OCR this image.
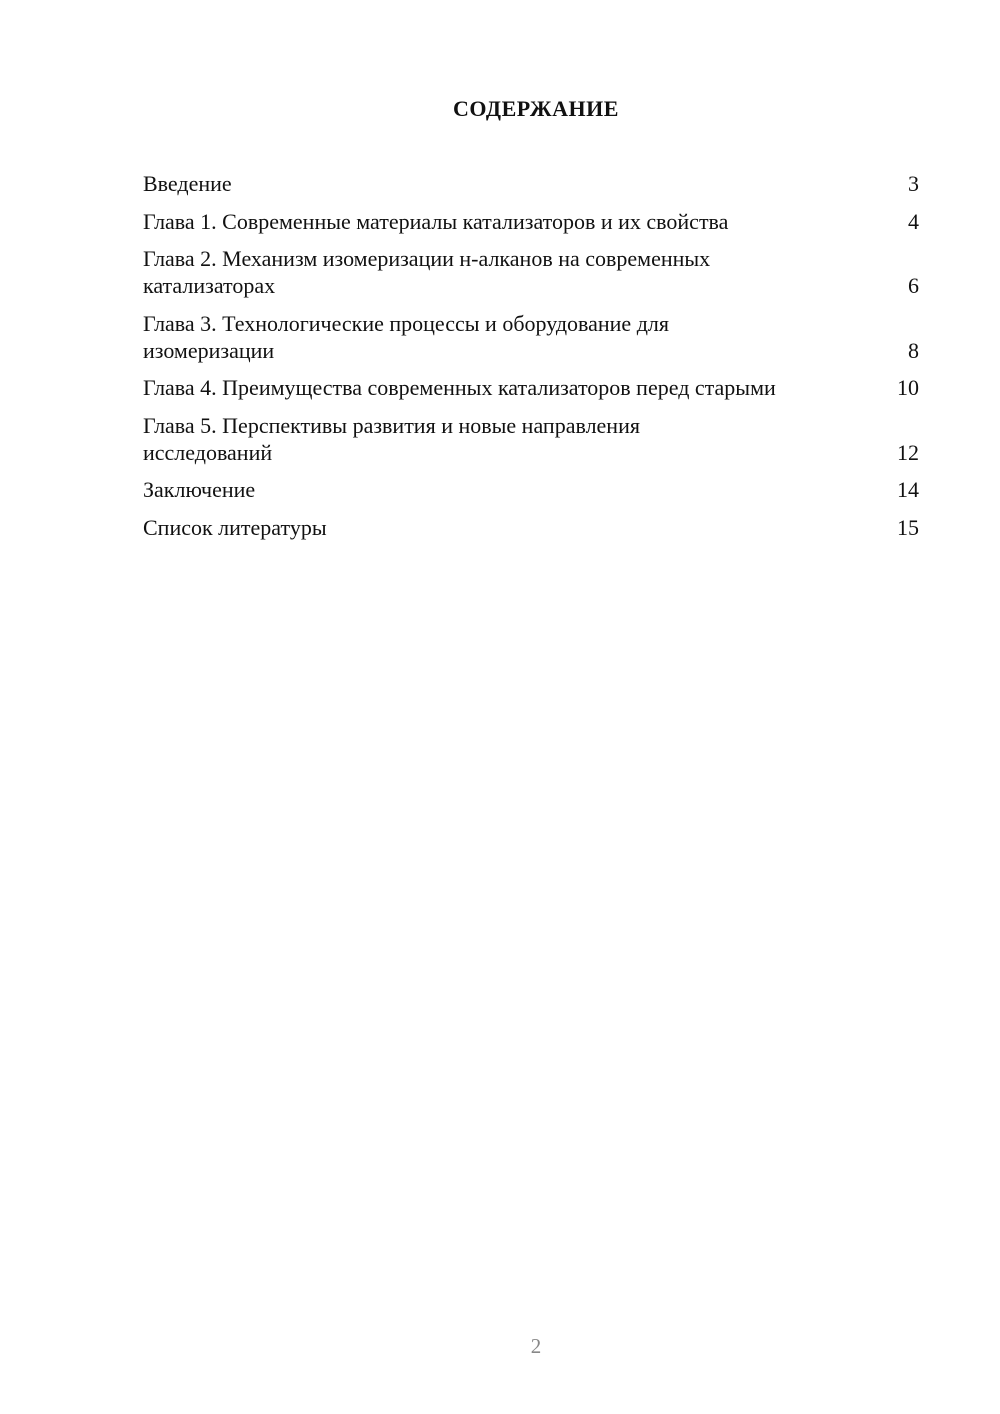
СОДЕРЖАНИЕ
Введение	3
Глава 1. Современные материалы катализаторов и их свойства	4
Глава 2. Механизм изомеризации н-алканов на современных катализаторах	6
Глава 3. Технологические процессы и оборудование для изомеризации	8
Глава 4. Преимущества современных катализаторов перед старыми	10
Глава 5. Перспективы развития и новые направления исследований	12
Заключение	14
Список литературы	15
2
